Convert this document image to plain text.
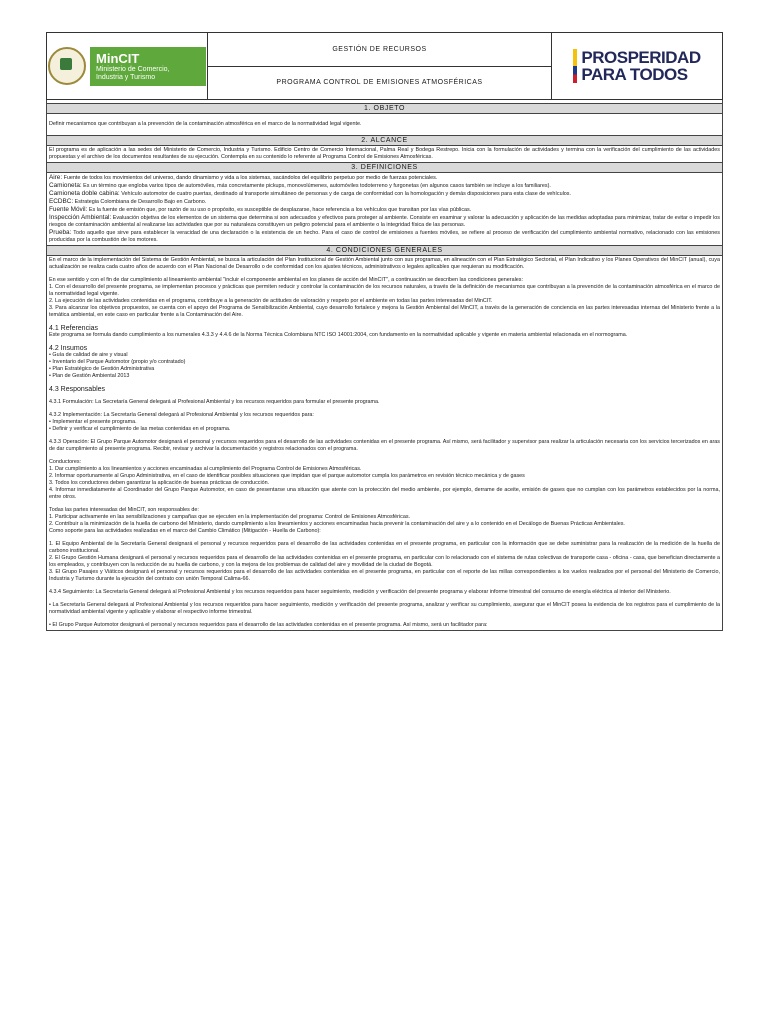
MinCIT
Ministerio de Comercio,
Industria y Turismo
GESTIÓN DE RECURSOS
PROGRAMA CONTROL DE EMISIONES ATMOSFÉRICAS
PROSPERIDAD
PARA TODOS
1. OBJETO

Definir mecanismos que contribuyan a la prevención de la contaminación atmosférica en el marco de la normatividad legal vigente.

2. ALCANCE

El programa es de aplicación a las sedes del Ministerio de Comercio, Industria y Turismo. Edificio Centro de Comercio Internacional, Palma Real y Bodega Restrepo. Inicia con la formulación de actividades y termina con la verificación del cumplimiento de las actividades propuestas y el archivo de los documentos resultantes de su ejecución. Contempla en su contenido lo referente al Programa Control de Emisiones Atmosféricas.

3. DEFINICIONES

Aire: Fuente de todos los movimientos del universo, dando dinamismo y vida a los sistemas, sacándolos del equilibrio perpetuo por medio de fuerzas potenciales.

Camioneta: Es un término que engloba varios tipos de automóviles, más concretamente pickups, monovolúmenes, automóviles todoterreno y furgonetas (en algunos casos también se incluye a los familiares).

Camioneta doble cabina: Vehículo automotor de cuatro puertas, destinado al transporte simultáneo de personas y de carga de conformidad con la homologación y demás disposiciones para esta clase de vehículos.

ECDBC: Estrategia Colombiana de Desarrollo Bajo en Carbono.

Fuente Móvil: Es la fuente de emisión que, por razón de su uso o propósito, es susceptible de desplazarse, hace referencia a los vehículos que transitan por las vías públicas.

Inspección Ambiental: Evaluación objetiva de los elementos de un sistema que determina si son adecuados y efectivos para proteger al ambiente. Consiste en examinar y valorar la adecuación y aplicación de las medidas adoptadas para minimizar, tratar de evitar o impedir los riesgos de contaminación ambiental al realizarse las actividades que por su naturaleza constituyen un peligro potencial para el ambiente o la integridad física de las personas.

Prueba: Todo aquello que sirve para establecer la veracidad de una declaración o la existencia de un hecho. Para el caso de control de emisiones a fuentes móviles, se refiere al proceso de verificación del cumplimiento ambiental normativo, relacionado con las emisiones producidas por la combustión de los motores.

4. CONDICIONES GENERALES

En el marco de la implementación del Sistema de Gestión Ambiental, se busca la articulación del Plan Institucional de Gestión Ambiental junto con sus programas, en alineación con el Plan Estratégico Sectorial, el Plan Indicativo y los Planes Operativos del MinCIT (anual), cuya actualización se realiza cada cuatro años de acuerdo con el Plan Nacional de Desarrollo o de conformidad con los ajustes técnicos, administrativos o legales aplicables que requieran su modificación.

En ese sentido y con el fin de dar cumplimiento al lineamiento ambiental "incluir el componente ambiental en los planes de acción del MinCIT", a continuación se describen las condiciones generales:

1. Con el desarrollo del presente programa, se implementan procesos y prácticas que permiten reducir y controlar la contaminación de los recursos naturales, a través de la definición de mecanismos que contribuyan a la prevención de la contaminación atmosférica en el marco de la normatividad legal vigente.

2. La ejecución de las actividades contenidas en el programa, contribuye a la generación de actitudes de valoración y respeto por el ambiente en todas las partes interesadas del MinCIT.

3. Para alcanzar los objetivos propuestos, se cuenta con el apoyo del Programa de Sensibilización Ambiental, cuyo desarrollo fortalece y mejora la Gestión Ambiental del MinCIT, a través de la generación de conciencia en las partes interesadas internas del Ministerio frente a la temática ambiental, en este caso en particular frente a la Contaminación del Aire.

4.1 Referencias

Este programa se formula dando cumplimiento a los numerales 4.3.3 y 4.4.6 de la Norma Técnica Colombiana NTC ISO 14001:2004, con fundamento en la normatividad aplicable y vigente en materia ambiental relacionada en el normograma.

4.2 Insumos

• Guía de calidad de aire y visual

• Inventario del Parque Automotor (propio y/o contratado)

• Plan Estratégico de Gestión Administrativa

• Plan de Gestión Ambiental 2013

4.3 Responsables

4.3.1 Formulación: La Secretaría General delegará al Profesional Ambiental y los recursos requeridos para formular el presente programa.

4.3.2 Implementación: La Secretaría General delegará al Profesional Ambiental y los recursos requeridos para:

• Implementar el presente programa.

• Definir y verificar el cumplimiento de las metas contenidas en el programa.

4.3.3 Operación: El Grupo Parque Automotor designará el personal y recursos requeridos para el desarrollo de las actividades contenidas en el presente programa. Así mismo, será facilitador y supervisor para realizar la articulación necesaria con los servicios tercerizados en aras de dar cumplimiento al presente programa. Recibir, revisar y archivar la documentación y registros relacionados con el programa.

Conductores:

1. Dar cumplimiento a los lineamientos y acciones encaminadas al cumplimiento del Programa Control de Emisiones Atmosféricas.

2. Informar oportunamente al Grupo Administrativa, en el caso de identificar posibles situaciones que impidan que el parque automotor cumpla los parámetros en revisión técnico mecánica y de gases

3. Todos los conductores deben garantizar la aplicación de buenas prácticas de conducción.

4. Informar inmediatamente al Coordinador del Grupo Parque Automotor, en caso de presentarse una situación que atente con la protección del medio ambiente, por ejemplo, derrame de aceite, emisión de gases que no cumplan con los parámetros establecidos por la norma, entre otros.

Todas las partes interesadas del MinCIT, son responsables de:

1. Participar activamente en las sensibilizaciones y campañas que se ejecuten en la implementación del programa: Control de Emisiones Atmosféricas.

2. Contribuir a la minimización de la huella de carbono del Ministerio, dando cumplimiento a los lineamientos y acciones encaminadas hacia prevenir la contaminación del aire y a lo contenido en el Decálogo de Buenas Prácticas Ambientales.

Como soporte para las actividades realizadas en el marco del Cambio Climático (Mitigación - Huella de Carbono):

1. El Equipo Ambiental de la Secretaría General designará el personal y recursos requeridos para el desarrollo de las actividades contenidas en el presente programa, en particular con la información que se debe suministrar para la realización de la medición de la huella de carbono institucional.

2. El Grupo Gestión Humana designará el personal y recursos requeridos para el desarrollo de las actividades contenidas en el presente programa, en particular con lo relacionado con el sistema de rutas colectivas de transporte casa - oficina - casa, que benefician directamente a los empleados, y contribuyen con la reducción de su huella de carbono, y con la mejora de los problemas de calidad del aire y movilidad de la ciudad de Bogotá.

3. El Grupo Pasajes y Viáticos designará el personal y recursos requeridos para el desarrollo de las actividades contenidas en el presente programa, en particular con el reporte de las millas correspondientes a los vuelos realizados por el personal del Ministerio de Comercio, Industria y Turismo durante la ejecución del contrato con unión Temporal Calima-66.

4.3.4 Seguimiento: La Secretaría General delegará al Profesional Ambiental y los recursos requeridos para hacer seguimiento, medición y verificación del presente programa y elaborar informe trimestral del consumo de energía eléctrica al interior del Ministerio.

• La Secretaría General delegará al Profesional Ambiental y los recursos requeridos para hacer seguimiento, medición y verificación del presente programa, analizar y verificar su cumplimiento, asegurar que el MinCIT posea la evidencia de los registros para el cumplimiento de la normatividad ambiental vigente y aplicable y elaborar el respectivo informe trimestral.

• El Grupo Parque Automotor designará el personal y recursos requeridos para el desarrollo de las actividades contenidas en el presente programa. Así mismo, será un facilitador para:
